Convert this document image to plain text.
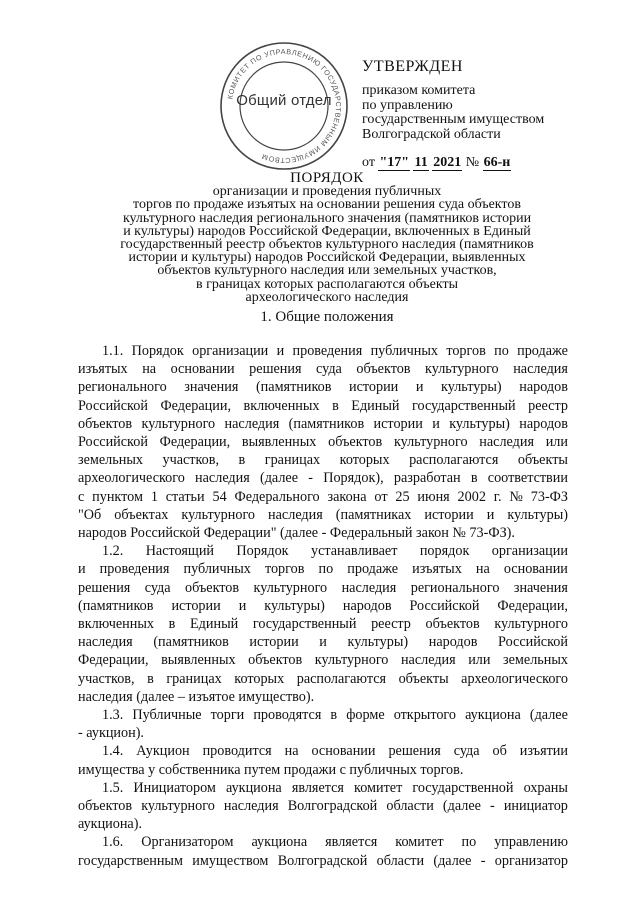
КОМИТЕТ ПО УПРАВЛЕНИЮ ГОСУДАРСТВЕННЫМ ИМУЩЕСТВОМ
Общий отдел
УТВЕРЖДЕН
приказом комитета
по управлению
государственным имуществом
Волгоградской области
от "17" 11 2021 № 66-н
ПОРЯДОК
организации и проведения публичных
торгов по продаже изъятых на основании решения суда объектов
культурного наследия регионального значения (памятников истории
и культуры) народов Российской Федерации, включенных в Единый
государственный реестр объектов культурного наследия (памятников
истории и культуры) народов Российской Федерации, выявленных
объектов культурного наследия или земельных участков,
в границах которых располагаются объекты
археологического наследия
1. Общие положения
1.1. Порядок организации и проведения публичных торгов по продаже
изъятых на основании решения суда объектов культурного наследия
регионального значения (памятников истории и культуры) народов
Российской Федерации, включенных в Единый государственный реестр
объектов культурного наследия (памятников истории и культуры) народов
Российской Федерации, выявленных объектов культурного наследия или
земельных участков, в границах которых располагаются объекты
археологического наследия (далее - Порядок), разработан в соответствии
с пунктом 1 статьи 54 Федерального закона от 25 июня 2002 г. № 73-ФЗ
"Об объектах культурного наследия (памятниках истории и культуры)
народов Российской Федерации" (далее - Федеральный закон № 73-ФЗ).
1.2. Настоящий Порядок устанавливает порядок организации
и проведения публичных торгов по продаже изъятых на основании
решения суда объектов культурного наследия регионального значения
(памятников истории и культуры) народов Российской Федерации,
включенных в Единый государственный реестр объектов культурного
наследия (памятников истории и культуры) народов Российской
Федерации, выявленных объектов культурного наследия или земельных
участков, в границах которых располагаются объекты археологического
наследия (далее – изъятое имущество).
1.3. Публичные торги проводятся в форме открытого аукциона (далее
- аукцион).
1.4. Аукцион проводится на основании решения суда об изъятии
имущества у собственника путем продажи с публичных торгов.
1.5. Инициатором аукциона является комитет государственной охраны
объектов культурного наследия Волгоградской области (далее - инициатор
аукциона).
1.6. Организатором аукциона является комитет по управлению
государственным имуществом Волгоградской области (далее - организатор
